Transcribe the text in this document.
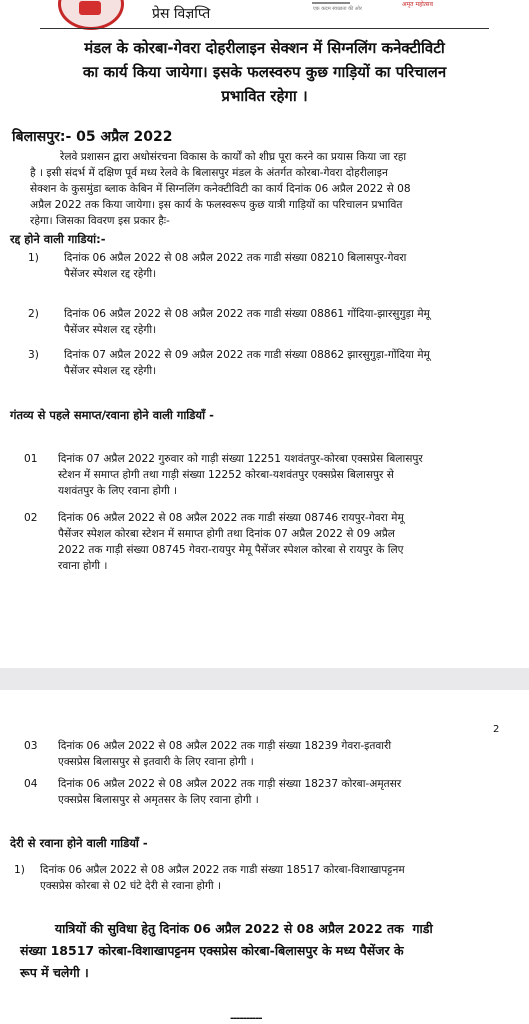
प्रेस विज्ञप्ति	एक कदम स्वच्छता की ओर
अमृत महोत्सव
मंडल के कोरबा-गेवरा दोहरीलाइन सेक्शन में सिग्नलिंग कनेक्टीविटी
का कार्य किया जायेगा। इसके फलस्वरुप कुछ गाड़ियों का परिचालन
प्रभावित रहेगा ।
बिलासपुर:- 05 अप्रैल 2022
रेलवे प्रशासन द्वारा अधोसंरचना विकास के कार्यों को शीघ्र पूरा करने का प्रयास किया जा रहा
है । इसी संदर्भ में दक्षिण पूर्व मध्य रेलवे के बिलासपुर मंडल के अंतर्गत कोरबा-गेवरा दोहरीलाइन
सेक्शन के कुसमुंडा ब्लाक केबिन में सिग्नलिंग कनेक्टीविटी का कार्य दिनांक 06 अप्रैल 2022 से 08
अप्रैल 2022 तक किया जायेगा। इस कार्य के फलस्वरूप कुछ यात्री गाड़ियों का परिचालन प्रभावित
रहेगा। जिसका विवरण इस प्रकार हैः-
रद्द होने वाली गाडियां:-
1) दिनांक 06 अप्रैल 2022 से 08 अप्रैल 2022 तक गाडी संख्या 08210 बिलासपुर-गेवरा
पैसेंजर स्पेशल रद्द रहेगी।
2) दिनांक 06 अप्रैल 2022 से 08 अप्रैल 2022 तक गाडी संख्या 08861 गोंदिया-झारसुगुड़ा मेमू
पैसेंजर स्पेशल रद्द रहेगी।
3) दिनांक 07 अप्रैल 2022 से 09 अप्रैल 2022 तक गाडी संख्या 08862 झारसुगुड़ा-गोंदिया मेमू
पैसेंजर स्पेशल रद्द रहेगी।
गंतव्य से पहले समाप्त/रवाना होने वाली गाडियाँ -
01 दिनांक 07 अप्रैल 2022 गुरुवार को गाड़ी संख्या 12251 यशवंतपुर-कोरबा एक्सप्रेस बिलासपुर
स्टेशन में समाप्त होगी तथा गाड़ी संख्या 12252 कोरबा-यशवंतपुर एक्सप्रेस बिलासपुर से
यशवंतपुर के लिए रवाना होगी ।
02 दिनांक 06 अप्रैल 2022 से 08 अप्रैल 2022 तक गाडी संख्या 08746 रायपुर-गेवरा मेमू
पैसेंजर स्पेशल कोरबा स्टेशन में समाप्त होगी तथा दिनांक 07 अप्रैल 2022 से 09 अप्रैल
2022 तक गाड़ी संख्या 08745 गेवरा-रायपुर मेमू पैसेंजर स्पेशल कोरबा से रायपुर के लिए
रवाना होगी ।
2
03 दिनांक 06 अप्रैल 2022 से 08 अप्रैल 2022 तक गाड़ी संख्या 18239 गेवरा-इतवारी
एक्सप्रेस बिलासपुर से इतवारी के लिए रवाना होगी ।
04 दिनांक 06 अप्रैल 2022 से 08 अप्रैल 2022 तक गाड़ी संख्या 18237 कोरबा-अमृतसर
एक्सप्रेस बिलासपुर से अमृतसर के लिए रवाना होगी ।
देरी से रवाना होने वाली गाडियाँ -
1) दिनांक 06 अप्रैल 2022 से 08 अप्रैल 2022 तक गाडी संख्या 18517 कोरबा-विशाखापट्टनम
एक्सप्रेस कोरबा से 02 घंटे देरी से रवाना होगी ।
यात्रियों की सुविधा हेतु दिनांक 06 अप्रैल 2022 से 08 अप्रैल 2022 तक  गाडी
संख्या 18517 कोरबा-विशाखापट्टनम एक्सप्रेस कोरबा-बिलासपुर के मध्य पैसेंजर के
रूप में चलेगी ।
----------
